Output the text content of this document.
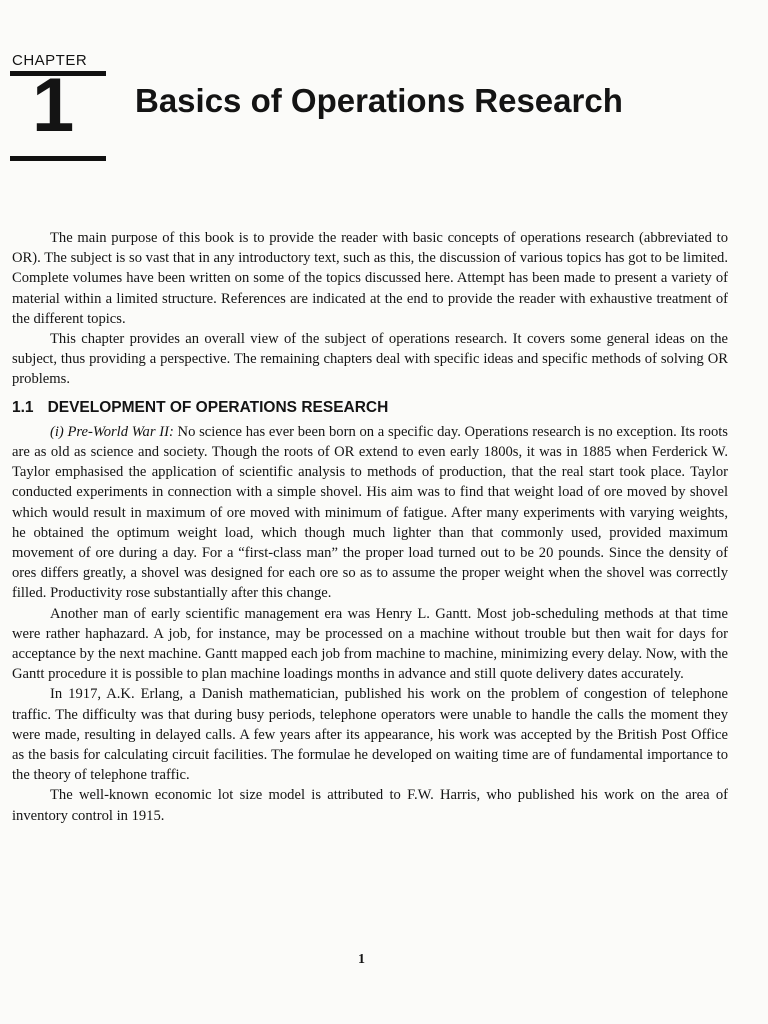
CHAPTER
1 Basics of Operations Research

The main purpose of this book is to provide the reader with basic concepts of operations research (abbreviated to OR). The subject is so vast that in any introductory text, such as this, the discussion of various topics has got to be limited. Complete volumes have been written on some of the topics discussed here. Attempt has been made to present a variety of material within a limited structure. References are indicated at the end to provide the reader with exhaustive treatment of the different topics.

This chapter provides an overall view of the subject of operations research. It covers some general ideas on the subject, thus providing a perspective. The remaining chapters deal with specific ideas and specific methods of solving OR problems.

1.1 DEVELOPMENT OF OPERATIONS RESEARCH

(i) Pre-World War II: No science has ever been born on a specific day. Operations research is no exception. Its roots are as old as science and society. Though the roots of OR extend to even early 1800s, it was in 1885 when Ferderick W. Taylor emphasised the application of scientific analysis to methods of production, that the real start took place. Taylor conducted experiments in connection with a simple shovel. His aim was to find that weight load of ore moved by shovel which would result in maximum of ore moved with minimum of fatigue. After many experiments with varying weights, he obtained the optimum weight load, which though much lighter than that commonly used, provided maximum movement of ore during a day. For a “first-class man” the proper load turned out to be 20 pounds. Since the density of ores differs greatly, a shovel was designed for each ore so as to assume the proper weight when the shovel was correctly filled. Productivity rose substantially after this change.

Another man of early scientific management era was Henry L. Gantt. Most job-scheduling methods at that time were rather haphazard. A job, for instance, may be processed on a machine without trouble but then wait for days for acceptance by the next machine. Gantt mapped each job from machine to machine, minimizing every delay. Now, with the Gantt procedure it is possible to plan machine loadings months in advance and still quote delivery dates accurately.

In 1917, A.K. Erlang, a Danish mathematician, published his work on the problem of congestion of telephone traffic. The difficulty was that during busy periods, telephone operators were unable to handle the calls the moment they were made, resulting in delayed calls. A few years after its appearance, his work was accepted by the British Post Office as the basis for calculating circuit facilities. The formulae he developed on waiting time are of fundamental importance to the theory of telephone traffic.

The well-known economic lot size model is attributed to F.W. Harris, who published his work on the area of inventory control in 1915.

1
